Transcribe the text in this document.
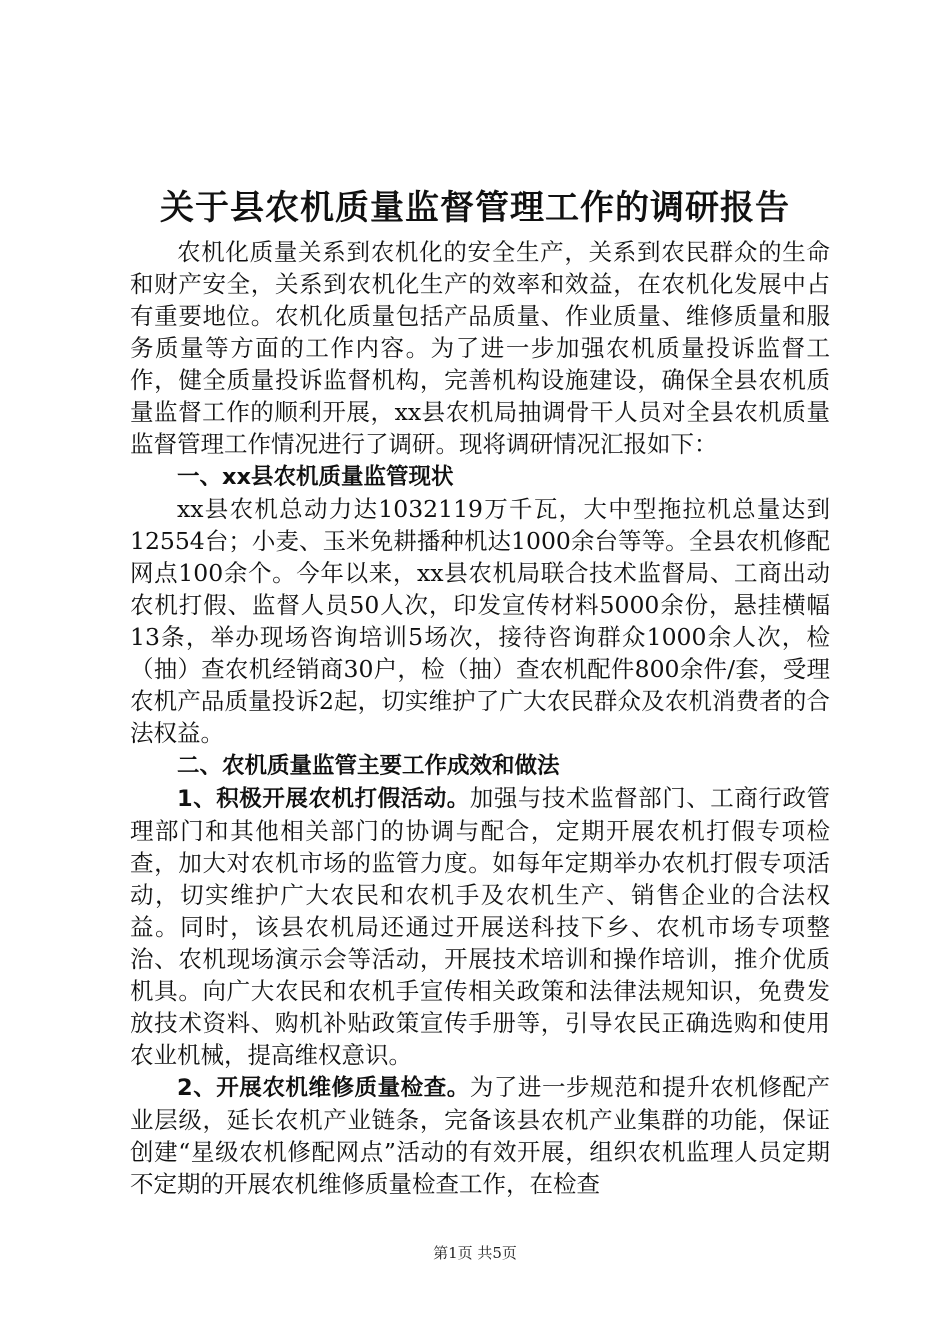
关于县农机质量监督管理工作的调研报告

农机化质量关系到农机化的安全生产，关系到农民群众的生命和财产安全，关系到农机化生产的效率和效益，在农机化发展中占有重要地位。农机化质量包括产品质量、作业质量、维修质量和服务质量等方面的工作内容。为了进一步加强农机质量投诉监督工作，健全质量投诉监督机构，完善机构设施建设，确保全县农机质量监督工作的顺利开展，xx县农机局抽调骨干人员对全县农机质量监督管理工作情况进行了调研。现将调研情况汇报如下：

一、xx县农机质量监管现状

xx县农机总动力达1032119万千瓦，大中型拖拉机总量达到12554台；小麦、玉米免耕播种机达1000余台等等。全县农机修配网点100余个。今年以来，xx县农机局联合技术监督局、工商出动农机打假、监督人员50人次，印发宣传材料5000余份，悬挂横幅13条，举办现场咨询培训5场次，接待咨询群众1000余人次，检（抽）查农机经销商30户，检（抽）查农机配件800余件/套，受理农机产品质量投诉2起，切实维护了广大农民群众及农机消费者的合法权益。

二、农机质量监管主要工作成效和做法

1、积极开展农机打假活动。加强与技术监督部门、工商行政管理部门和其他相关部门的协调与配合，定期开展农机打假专项检查，加大对农机市场的监管力度。如每年定期举办农机打假专项活动，切实维护广大农民和农机手及农机生产、销售企业的合法权益。同时，该县农机局还通过开展送科技下乡、农机市场专项整治、农机现场演示会等活动，开展技术培训和操作培训，推介优质机具。向广大农民和农机手宣传相关政策和法律法规知识，免费发放技术资料、购机补贴政策宣传手册等，引导农民正确选购和使用农业机械，提高维权意识。

2、开展农机维修质量检查。为了进一步规范和提升农机修配产业层级，延长农机产业链条，完备该县农机产业集群的功能，保证创建“星级农机修配网点”活动的有效开展，组织农机监理人员定期不定期的开展农机维修质量检查工作，在检查

第1页 共5页
